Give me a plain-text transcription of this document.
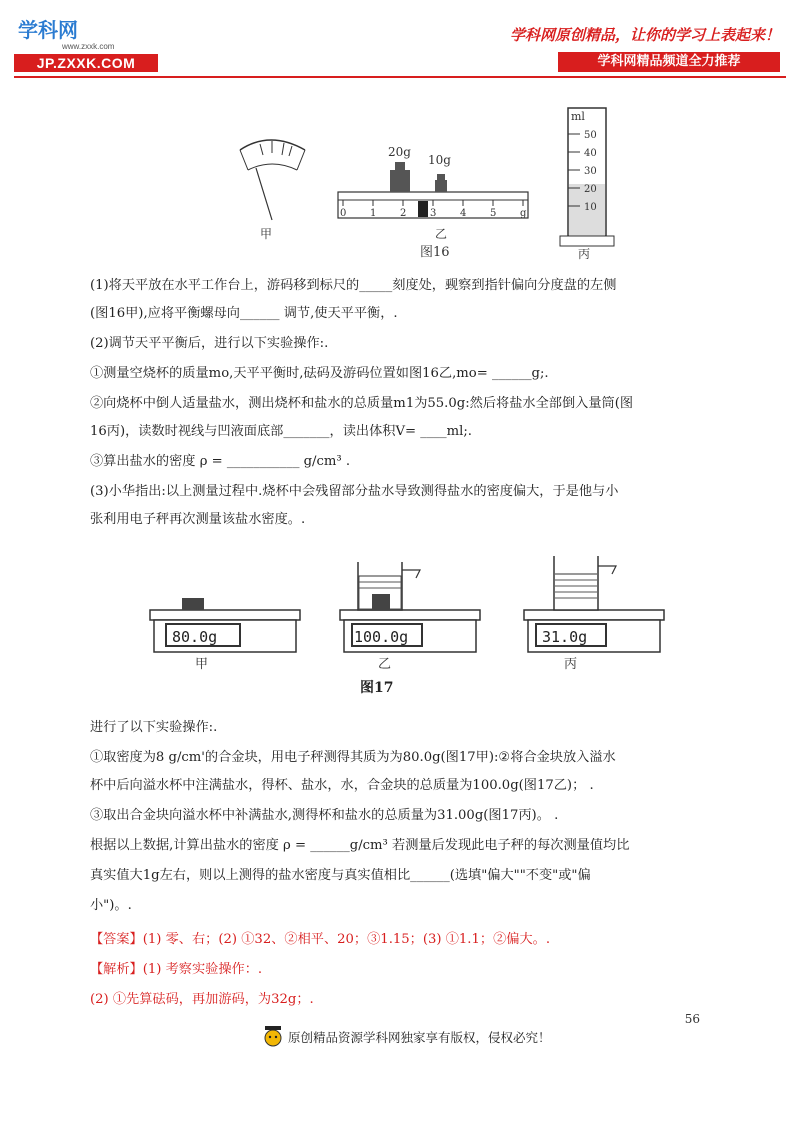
学科网
www.zxxk.com
JP.ZXXK.COM
学科网原创精品，让你的学习上表起来！
学科网精品频道全力推荐
甲
0 1 2 3 4 5 g
20g
10g
乙
图16
50
40
30
20
10
ml
丙
(1)将天平放在水平工作台上，游码移到标尺的_____刻度处，觋察到指针偏向分度盘的左侧
(图16甲),应将平衡螺母向______ 调节,使天平平衡，.
(2)调节天平平衡后，进行以下实验操作:.
①测量空烧杯的质量mo,天平平衡时,砝码及游码位置如图16乙,mo= ______g;.
②向烧杯中倒人适量盐水，测出烧杯和盐水的总质量m1为55.0g:然后将盐水全部倒入量筒(图
16丙)，读数时视线与凹液面底部_______，读出体积V= ____ml;.
③算出盐水的密度 ρ = ___________ g/cm³ .
(3)小华指出:以上测量过程中.烧杯中会残留部分盐水导致测得盐水的密度偏大，于是他与小
张利用电子秤再次测量该盐水密度。.
80.0g
甲
100.0g
乙
31.0g
丙
图17
进行了以下实验操作:.
①取密度为8 g/cm'的合金块，用电子秤测得其质为为80.0g(图17甲):②将合金块放入溢水
杯中后向溢水杯中注满盐水，得杯、盐水，水，合金块的总质量为100.0g(图17乙)； .
③取出合金块向溢水杯中补满盐水,测得杯和盐水的总质量为31.00g(图17丙)。 .
根据以上数据,计算出盐水的密度 ρ = ______g/cm³ 若测量后发现此电子秤的每次测量值均比
真实值大1g左右，则以上测得的盐水密度与真实值相比______(选填"偏大""不变"或"偏
小")。.
【答案】(1) 零、右；(2) ①32、②相平、20；③1.15；(3) ①1.1；②偏大。.
【解析】(1) 考察实验操作：.
(2) ①先算砝码，再加游码，为32g；.
56
原创精品资源学科网独家享有版权，侵权必究！
